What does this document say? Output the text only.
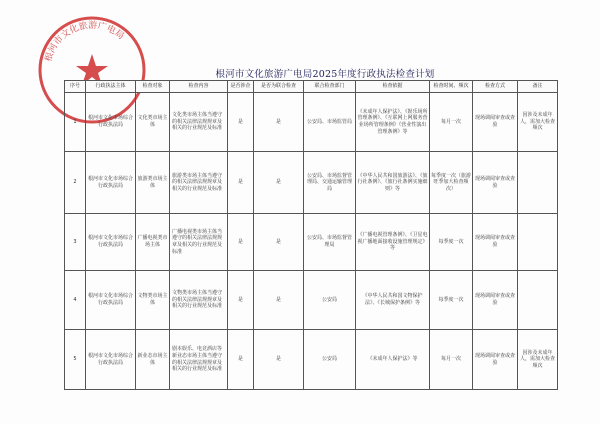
根河市文化旅游广电局
根河市文化旅游广电局2025年度行政执法检查计划
序号	行政执法主体	检查对象	检查内容	是否涉企	是否为联合检查	联合检查部门	检查依据	检查时间、频次	检查方式	备注
1	根河市文化市场综合行政执法局	文化类市场主体	文化类市场主体当遵守的相关法律法规规章及相关的行业规范及标准	是	是	公安局、市场监管局	《未成年人保护法》、《娱乐场所管理条例》、《互联网上网服务营业场所管理条例》《营业性演出管理条例》等	每月一次	现场调阅审查或查验	因涉及未成年人，需加大检查频次
2	根河市文化市场综合行政执法局	旅游类市场主体	旅游类市场主体当遵守的相关法律法规规章及相关的行业规范及标准	是	是	公安局、市场监督管理局、交通运输管理局	《中华人民共和国旅游法》、《旅行社条例》、《旅行社条例实施细则》等	每季度一次（旅游旺季加大检查频次）	现场调阅审查或查验	
3	根河市文化市场综合行政执法局	广播电视类市场主体	广播电视类市场主体当遵守的相关法律法规规章及相关的行业规范及标准	是	是	公安局、市场监督管理局	《广播电视管理条例》、《卫星电视广播地面接收设施管理规定》等	每季度一次	现场调阅审查或查验	
4	根河市文化市场综合行政执法局	文物类市场主体	文物类市场主体当遵守的相关法律法规规章及相关的行业规范及标准	是	是	公安局	《中华人民共和国文物保护法》、《长城保护条例》等	每季度一次	现场调阅审查或查验	
5	根河市文化市场综合行政执法局	新业态市场主体	剧本娱乐、电竞酒店等新业态市场主体当遵守的相关法律法规规章及相关的行业规范及标准	是	是	公安局	《未成年人保护法》等	每月一次	现场调阅审查或查验	因涉及未成年人，需加大检查频次
